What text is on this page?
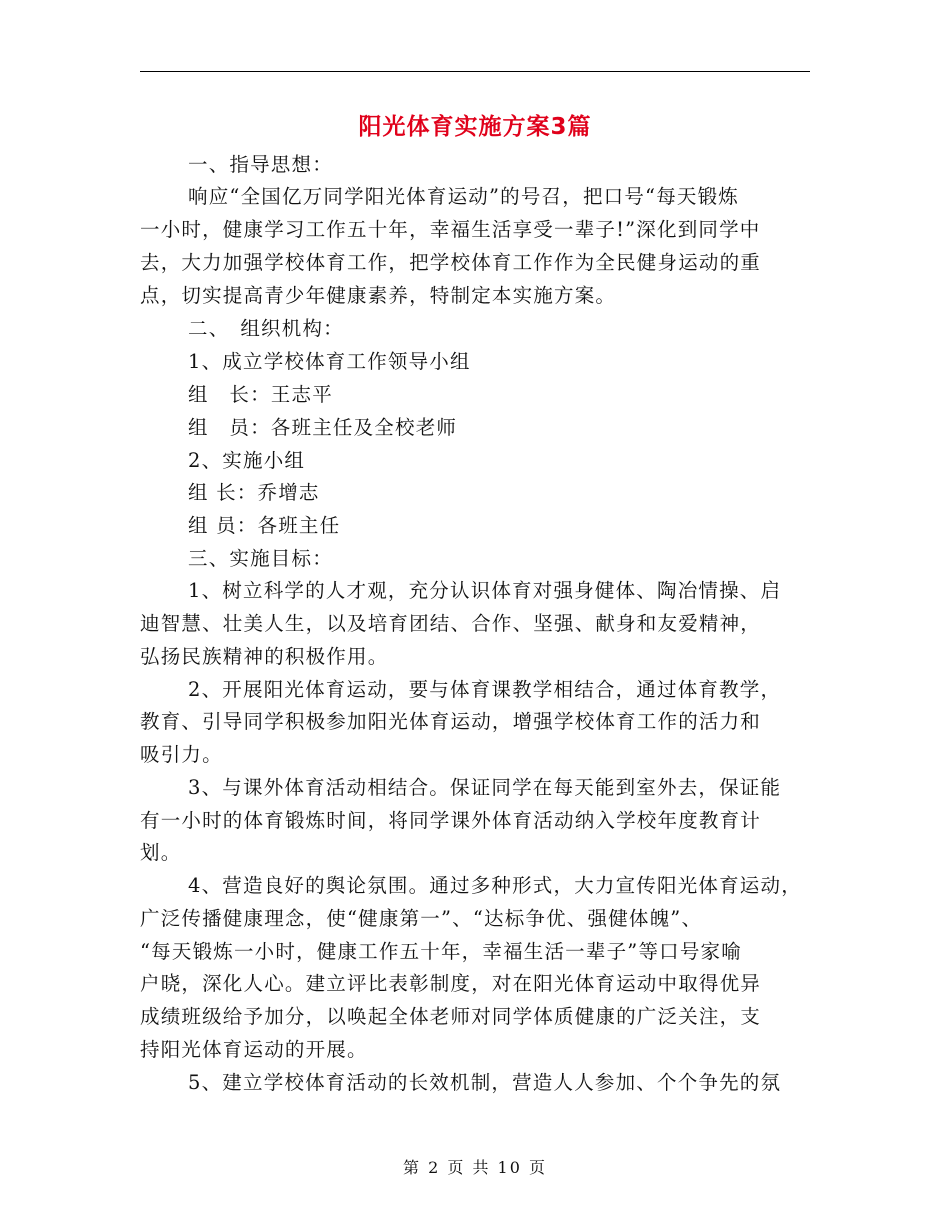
阳光体育实施方案3篇
一、指导思想：
响应“全国亿万同学阳光体育运动”的号召，把口号“每天锻炼
一小时，健康学习工作五十年，幸福生活享受一辈子!”深化到同学中
去，大力加强学校体育工作，把学校体育工作作为全民健身运动的重
点，切实提高青少年健康素养，特制定本实施方案。
二、　组织机构：
1、成立学校体育工作领导小组
组　长：王志平
组　员：各班主任及全校老师
2、实施小组
组 长：乔增志
组 员：各班主任
三、实施目标：
1、树立科学的人才观，充分认识体育对强身健体、陶冶情操、启
迪智慧、壮美人生，以及培育团结、合作、坚强、献身和友爱精神，
弘扬民族精神的积极作用。
2、开展阳光体育运动，要与体育课教学相结合，通过体育教学，
教育、引导同学积极参加阳光体育运动，增强学校体育工作的活力和
吸引力。
3、与课外体育活动相结合。保证同学在每天能到室外去，保证能
有一小时的体育锻炼时间，将同学课外体育活动纳入学校年度教育计
划。
4、营造良好的舆论氛围。通过多种形式，大力宣传阳光体育运动，
广泛传播健康理念，使“健康第一”、“达标争优、强健体魄”、
“每天锻炼一小时，健康工作五十年，幸福生活一辈子”等口号家喻
户晓，深化人心。建立评比表彰制度，对在阳光体育运动中取得优异
成绩班级给予加分，以唤起全体老师对同学体质健康的广泛关注，支
持阳光体育运动的开展。
5、建立学校体育活动的长效机制，营造人人参加、个个争先的氛
第 2 页 共 10 页
